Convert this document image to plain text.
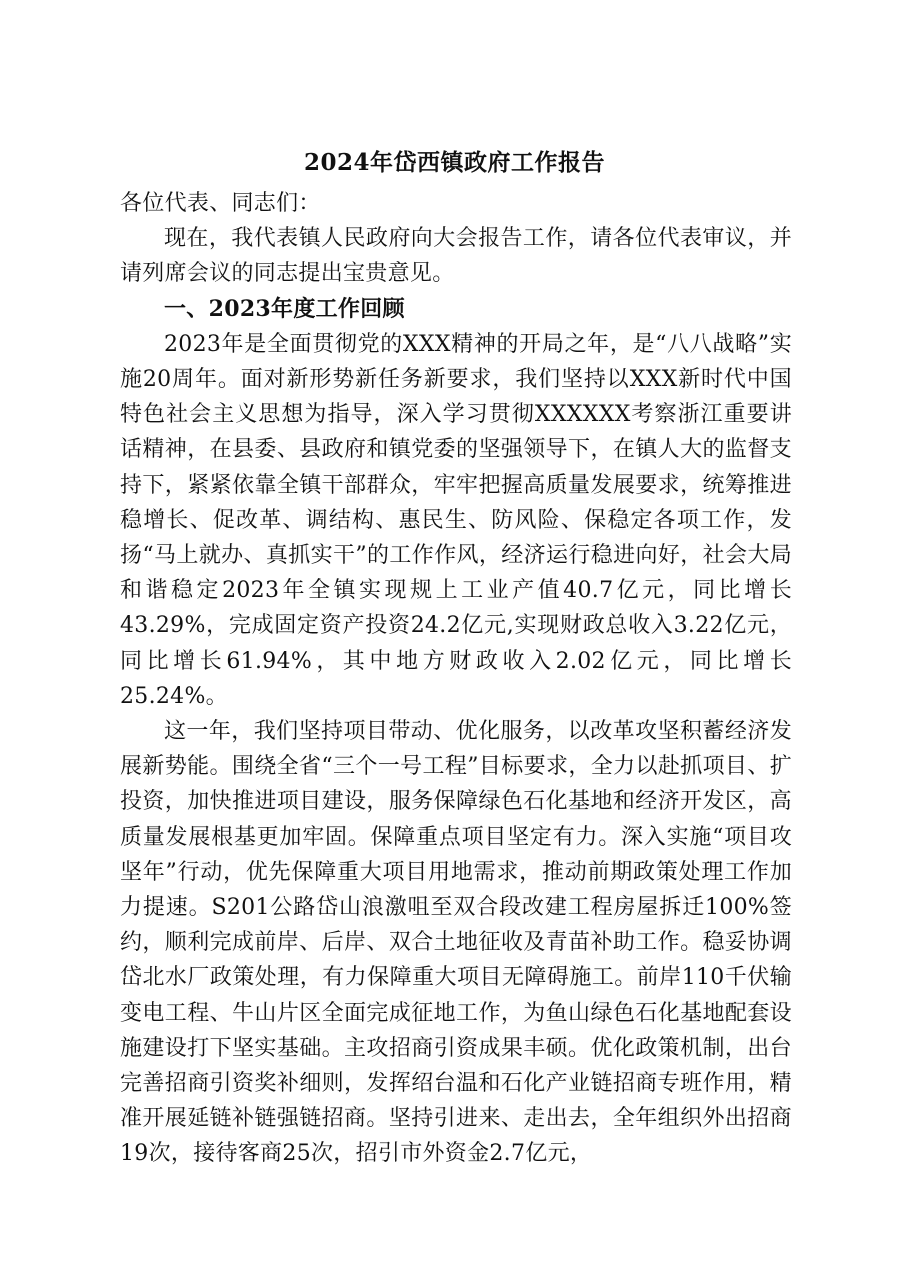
2024年岱西镇政府工作报告

各位代表、同志们：

现在，我代表镇人民政府向大会报告工作，请各位代表审议，并请列席会议的同志提出宝贵意见。

一、2023年度工作回顾

2023年是全面贯彻党的XXX精神的开局之年，是“八八战略”实施20周年。面对新形势新任务新要求，我们坚持以XXX新时代中国特色社会主义思想为指导，深入学习贯彻XXXXXX考察浙江重要讲话精神，在县委、县政府和镇党委的坚强领导下，在镇人大的监督支持下，紧紧依靠全镇干部群众，牢牢把握高质量发展要求，统筹推进稳增长、促改革、调结构、惠民生、防风险、保稳定各项工作，发扬“马上就办、真抓实干”的工作作风，经济运行稳进向好，社会大局和谐稳定2023年全镇实现规上工业产值40.7亿元，同比增长43.29%，完成固定资产投资24.2亿元,实现财政总收入3.22亿元，同比增长61.94%，其中地方财政收入2.02亿元，同比增长25.24%。

这一年，我们坚持项目带动、优化服务，以改革攻坚积蓄经济发展新势能。围绕全省“三个一号工程”目标要求，全力以赴抓项目、扩投资，加快推进项目建设，服务保障绿色石化基地和经济开发区，高质量发展根基更加牢固。保障重点项目坚定有力。深入实施“项目攻坚年”行动，优先保障重大项目用地需求，推动前期政策处理工作加力提速。S201公路岱山浪激咀至双合段改建工程房屋拆迁100%签约，顺利完成前岸、后岸、双合土地征收及青苗补助工作。稳妥协调岱北水厂政策处理，有力保障重大项目无障碍施工。前岸110千伏输变电工程、牛山片区全面完成征地工作，为鱼山绿色石化基地配套设施建设打下坚实基础。主攻招商引资成果丰硕。优化政策机制，出台完善招商引资奖补细则，发挥绍台温和石化产业链招商专班作用，精准开展延链补链强链招商。坚持引进来、走出去，全年组织外出招商19次，接待客商25次，招引市外资金2.7亿元，
